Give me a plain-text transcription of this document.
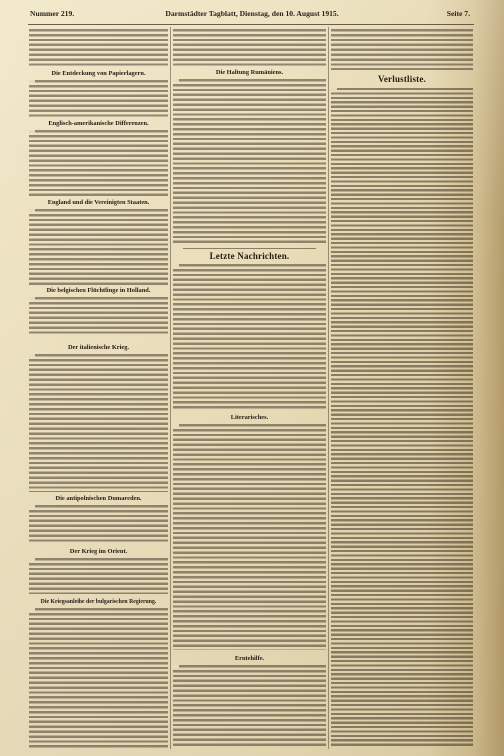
Nummer 219.	Darmstädter Tagblatt, Dienstag, den 10. August 1915.	Seite 7.
Die Entdeckung von Papierlagern.
Englisch-amerikanische Differenzen.
England und die Vereinigten Staaten.
Die belgischen Flüchtlinge in Holland.
Der italienische Krieg.
Die antipolnischen Dumareden.
Der Krieg im Orient.
Die Kriegsanleihe der bulgarischen Regierung.
Die Haltung Rumäniens.
Letzte Nachrichten.
Literarisches.
Erntehilfe.
Verlustliste.
